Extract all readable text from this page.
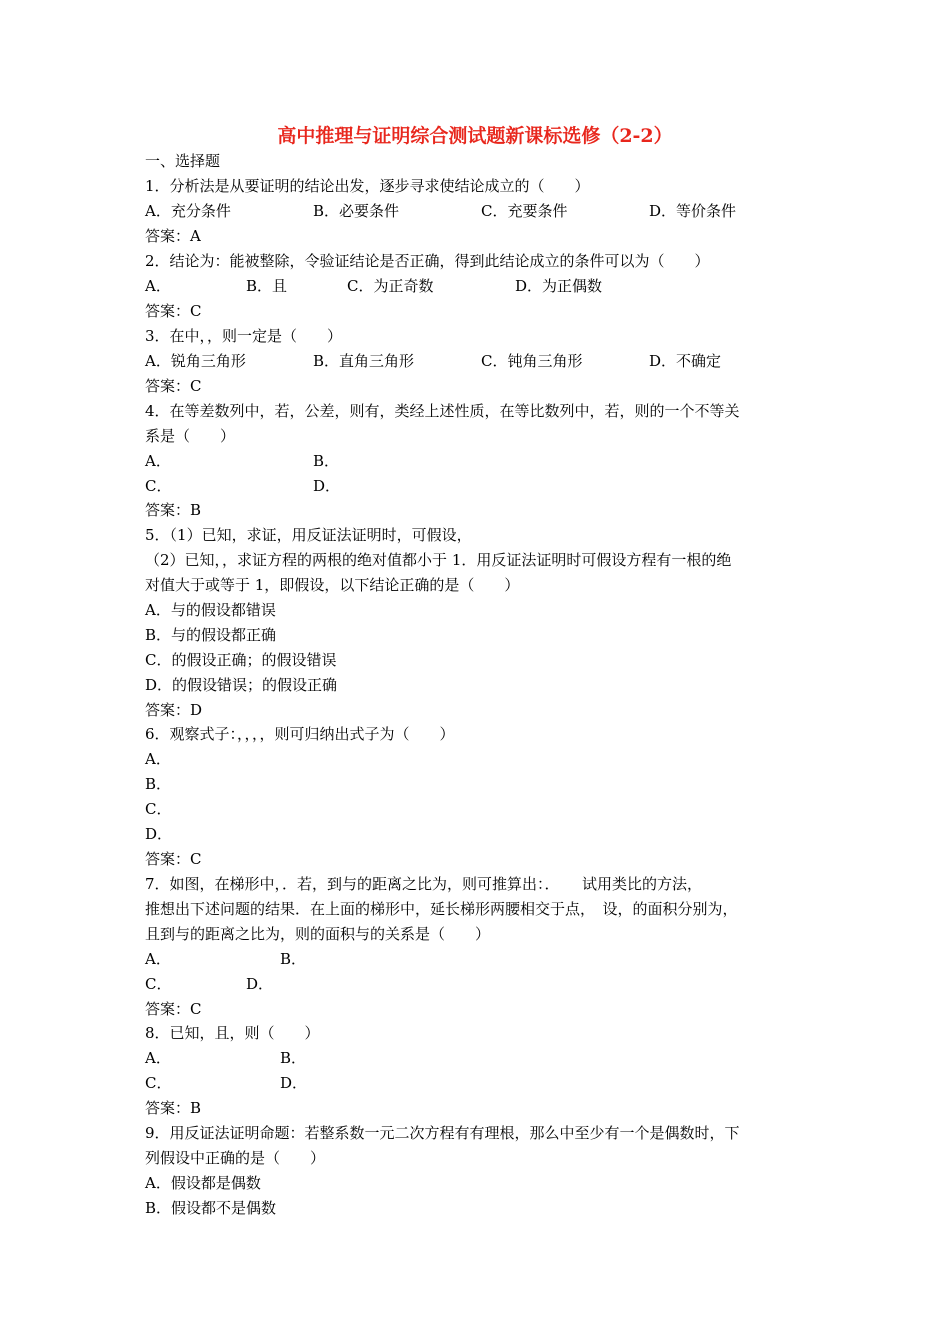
高中推理与证明综合测试题新课标选修（2-2）
一、选择题
1．分析法是从要证明的结论出发，逐步寻求使结论成立的（　　）
A．充分条件	B．必要条件	C．充要条件	D．等价条件
答案：A
2．结论为：能被整除，令验证结论是否正确，得到此结论成立的条件可以为（　　）
A．	B．且	C．为正奇数	D．为正偶数
答案：C
3．在中，，则一定是（　　）
A．锐角三角形	B．直角三角形	C．钝角三角形	D．不确定
答案：C
4．在等差数列中，若，公差，则有，类经上述性质，在等比数列中，若，则的一个不等关
系是（　　）
A．	B．
C．	D．
答案：B
5．（1）已知，求证，用反证法证明时，可假设，
（2）已知，，求证方程的两根的绝对值都小于 1．用反证法证明时可假设方程有一根的绝
对值大于或等于 1，即假设，以下结论正确的是（　　）
A．与的假设都错误
B．与的假设都正确
C．的假设正确；的假设错误
D．的假设错误；的假设正确
答案：D
6．观察式子：，，，，则可归纳出式子为（　　）
A．
B．
C．
D．
答案：C
7．如图，在梯形中，．若，到与的距离之比为，则可推算出：．　　试用类比的方法，
推想出下述问题的结果．在上面的梯形中，延长梯形两腰相交于点，　设，的面积分别为，
且到与的距离之比为，则的面积与的关系是（　　）
A．	B．
C．	D．
答案：C
8．已知，且，则（　　）
A．	B．
C．	D．
答案：B
9．用反证法证明命题：若整系数一元二次方程有有理根，那么中至少有一个是偶数时，下
列假设中正确的是（　　）
A．假设都是偶数
B．假设都不是偶数
